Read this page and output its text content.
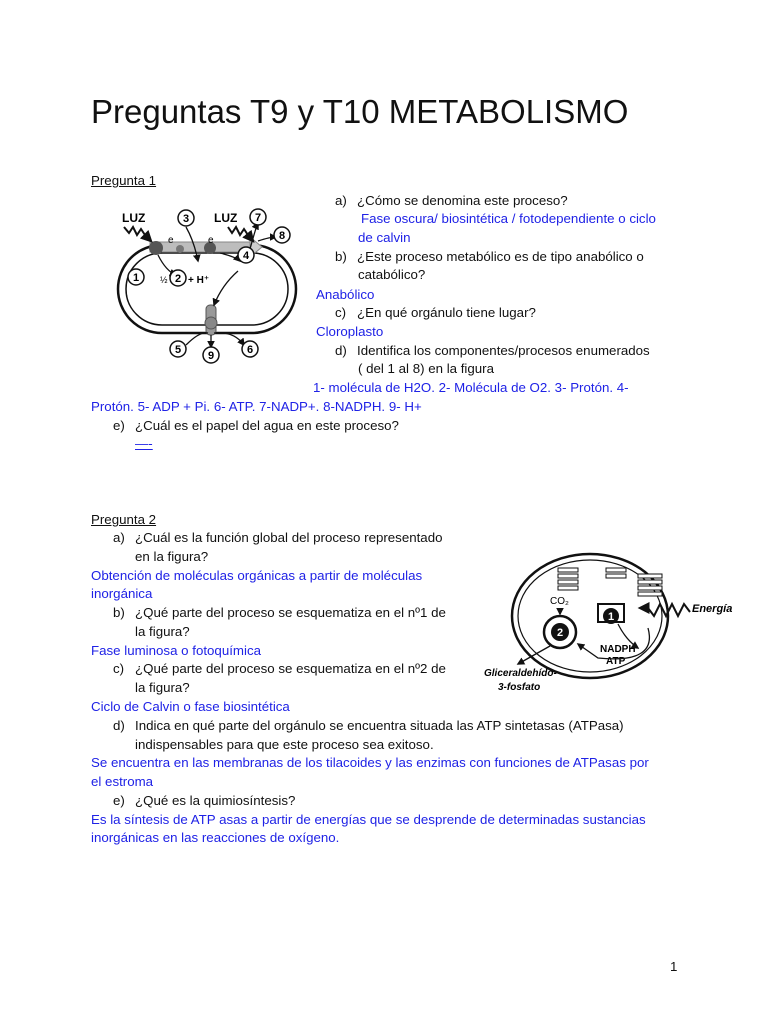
Preguntas T9 y T10 METABOLISMO
Pregunta 1
LUZ	LUZ
e	e
1 ½ 2 + H⁺
3
4
7
8
5 9	6
a) ¿Cómo se denomina este proceso?
Fase oscura/ biosintética / fotodependiente o ciclo
de calvin
b) ¿Este proceso metabólico es de tipo anabólico o
catabólico?
Anabólico
c) ¿En qué orgánulo tiene lugar?
Cloroplasto
d) Identifica los componentes/procesos enumerados
( del 1 al 8) en la figura
1- molécula de H2O. 2- Molécula de O2. 3- Protón. 4-
Protón. 5- ADP + Pi. 6- ATP. 7-NADP+. 8-NADPH. 9- H+
e) ¿Cuál es el papel del agua en este proceso?
—-
Pregunta 2
a) ¿Cuál es la función global del proceso representado
en la figura?
Obtención de moléculas orgánicas a partir de moléculas
inorgánica
b) ¿Qué parte del proceso se esquematiza en el nº1 de
la figura?
Fase luminosa o fotoquímica
c) ¿Qué parte del proceso se esquematiza en el nº2 de
la figura?
Ciclo de Calvin o fase biosintética
d) Indica en qué parte del orgánulo se encuentra situada las ATP sintetasas (ATPasa)
indispensables para que este proceso sea exitoso.
Se encuentra en las membranas de los tilacoides y las enzimas con funciones de ATPasas por
el estroma
e) ¿Qué es la quimiosíntesis?
Es la síntesis de ATP asas a partir de energías que se desprende de determinadas sustancias
inorgánicas en las reacciones de oxígeno.
1
2
CO₂
Energía
NADPH
ATP
Gliceraldehído-
3-fosfato
1
